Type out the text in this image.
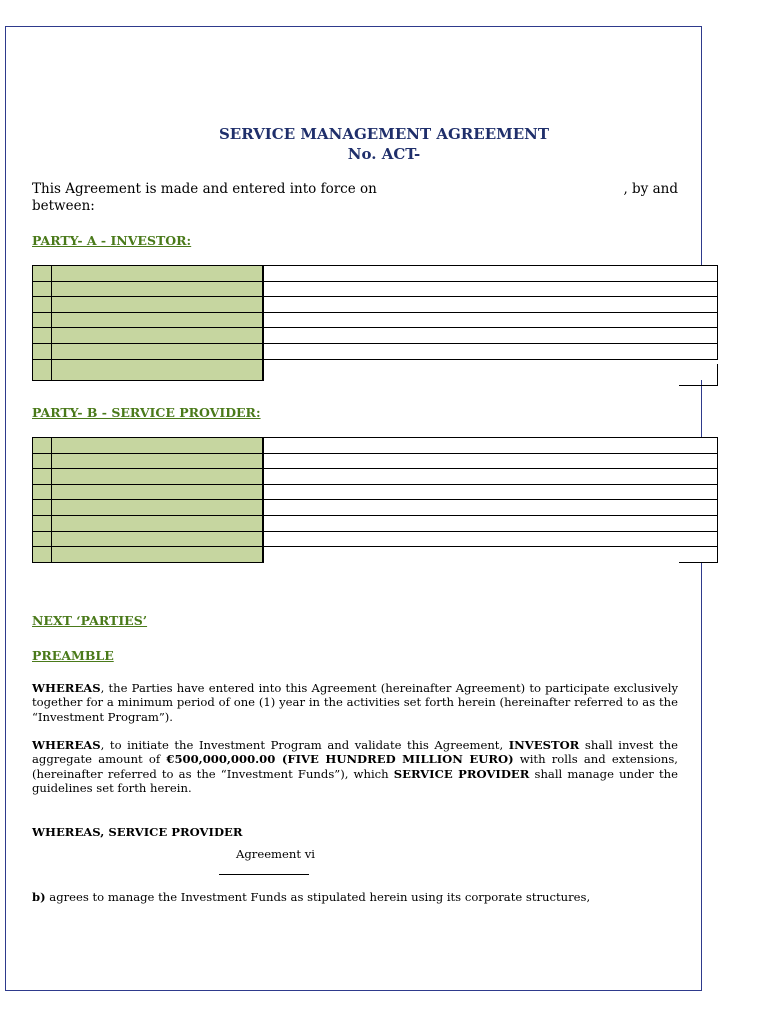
SERVICE MANAGEMENT AGREEMENT
No. ACT-
This Agreement is made and entered into force on	, by and
between:
PARTY- A - INVESTOR:

PARTY- B - SERVICE PROVIDER:

NEXT ‘PARTIES’
PREAMBLE
WHEREAS, the Parties have entered into this Agreement (hereinafter Agreement) to participate exclusively together for a minimum period of one (1) year in the activities set forth herein (hereinafter referred to as the “Investment Program”).
WHEREAS, to initiate the Investment Program and validate this Agreement, INVESTOR shall invest the aggregate amount of €500,000,000.00 (FIVE HUNDRED MILLION EURO) with rolls and extensions, (hereinafter referred to as the “Investment Funds”), which SERVICE PROVIDER shall manage under the guidelines set forth herein.
WHEREAS, SERVICE PROVIDER
Agreement vi
b) agrees to manage the Investment Funds as stipulated herein using its corporate structures,
